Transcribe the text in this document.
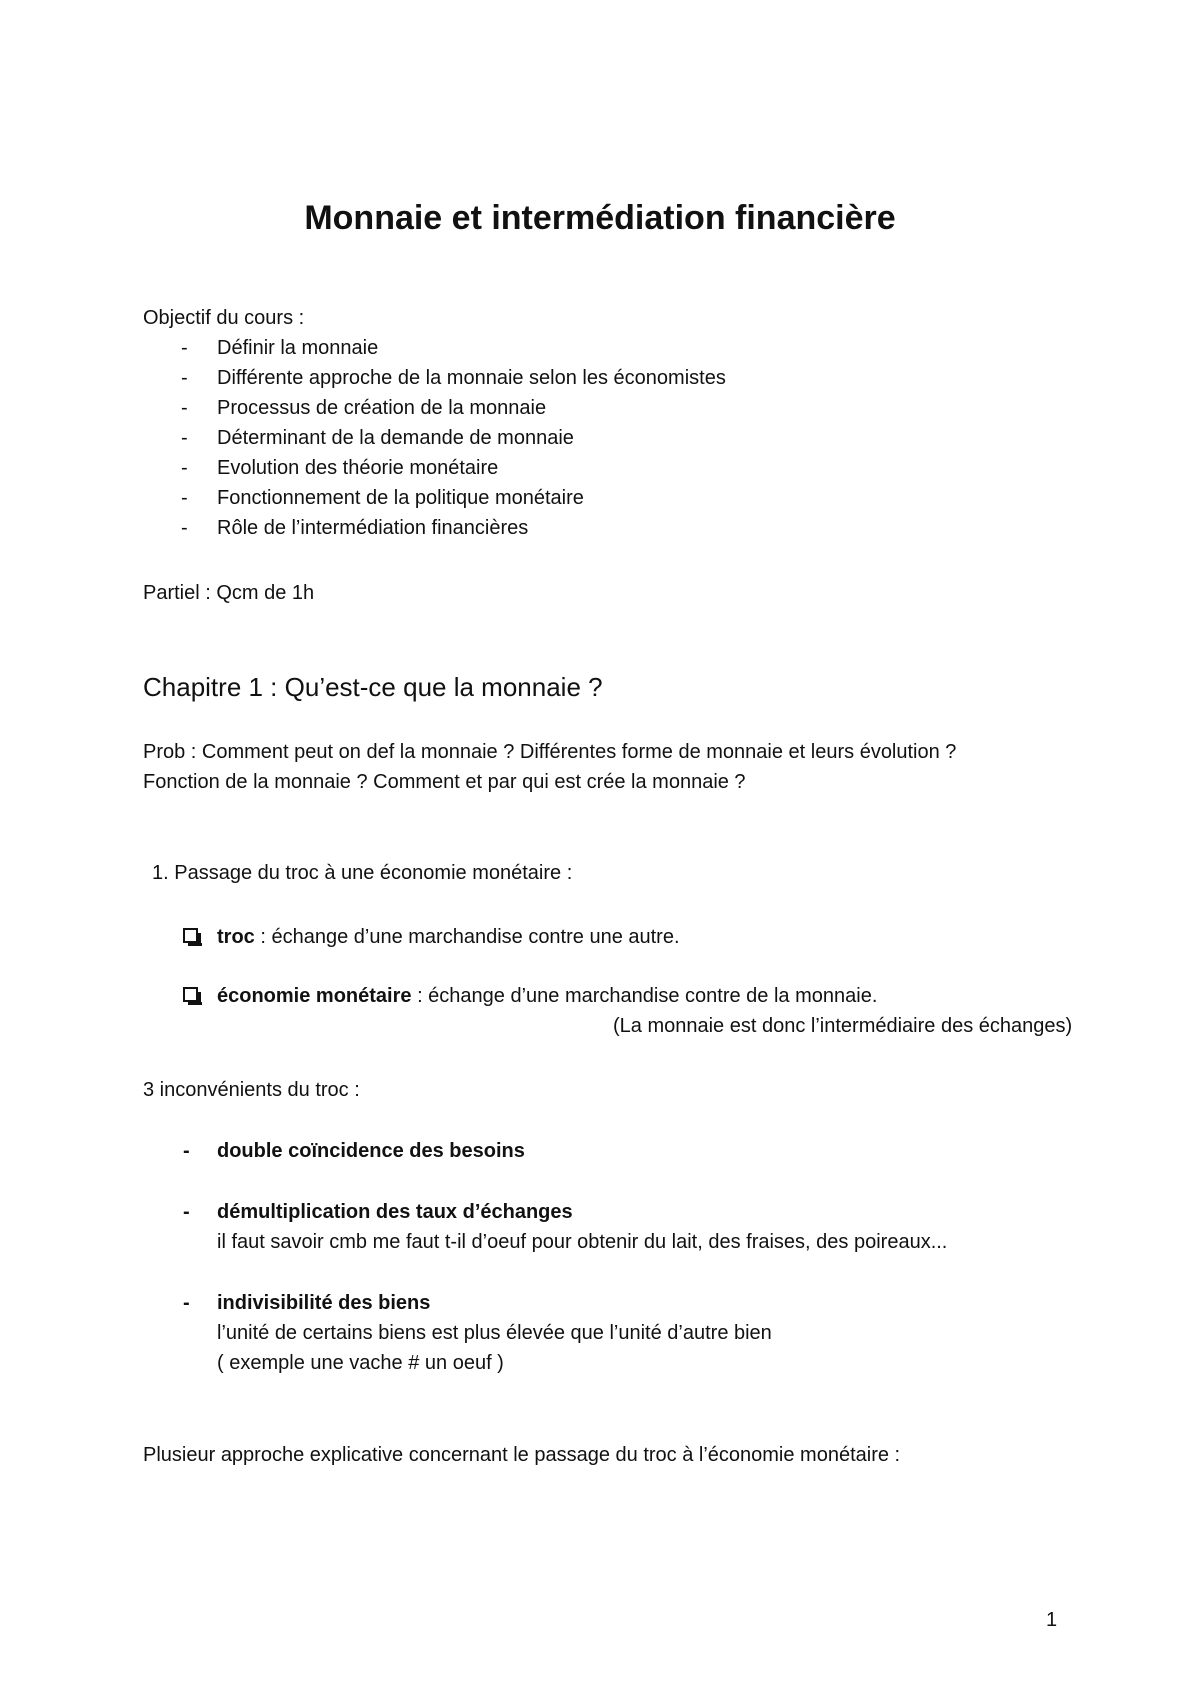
Monnaie et intermédiation financière
Objectif du cours :
- Définir la monnaie
- Différente approche de la monnaie selon les économistes
- Processus de création de la monnaie
- Déterminant de la demande de monnaie
- Evolution des théorie monétaire
- Fonctionnement de la politique monétaire
- Rôle de l’intermédiation financières
Partiel : Qcm de 1h
Chapitre 1 : Qu’est-ce que la monnaie ?
Prob : Comment peut on def la monnaie ? Différentes forme de monnaie et leurs évolution ?
Fonction de la monnaie ? Comment et par qui est crée la monnaie ?
1. Passage du troc à une économie monétaire :
troc : échange d’une marchandise contre une autre.
économie monétaire : échange d’une marchandise contre de la monnaie.
(La monnaie est donc l’intermédiaire des échanges)
3 inconvénients du troc :
- double coïncidence des besoins
- démultiplication des taux d’échanges
il faut savoir cmb me faut t-il d’oeuf pour obtenir du lait, des fraises, des poireaux...
- indivisibilité des biens
l’unité de certains biens est plus élevée que l’unité d’autre bien
( exemple une vache # un oeuf )
Plusieur approche explicative concernant le passage du troc à l’économie monétaire :
1
